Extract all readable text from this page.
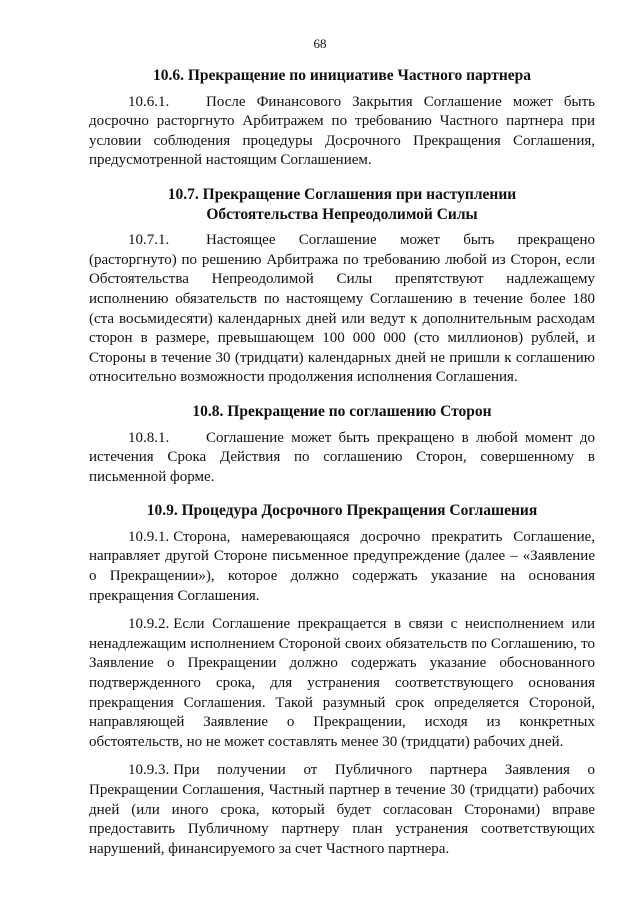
68
10.6. Прекращение по инициативе Частного партнера

10.6.1. После Финансового Закрытия Соглашение может быть досрочно расторгнуто Арбитражем по требованию Частного партнера при условии соблюдения процедуры Досрочного Прекращения Соглашения, предусмотренной настоящим Соглашением.

10.7. Прекращение Соглашения при наступлении Обстоятельства Непреодолимой Силы

10.7.1. Настоящее Соглашение может быть прекращено (расторгнуто) по решению Арбитража по требованию любой из Сторон, если Обстоятельства Непреодолимой Силы препятствуют надлежащему исполнению обязательств по настоящему Соглашению в течение более 180 (ста восьмидесяти) календарных дней или ведут к дополнительным расходам сторон в размере, превышающем 100 000 000 (сто миллионов) рублей, и Стороны в течение 30 (тридцати) календарных дней не пришли к соглашению относительно возможности продолжения исполнения Соглашения.

10.8. Прекращение по соглашению Сторон

10.8.1. Соглашение может быть прекращено в любой момент до истечения Срока Действия по соглашению Сторон, совершенному в письменной форме.

10.9. Процедура Досрочного Прекращения Соглашения

10.9.1. Сторона, намеревающаяся досрочно прекратить Соглашение, направляет другой Стороне письменное предупреждение (далее – «Заявление о Прекращении»), которое должно содержать указание на основания прекращения Соглашения.

10.9.2. Если Соглашение прекращается в связи с неисполнением или ненадлежащим исполнением Стороной своих обязательств по Соглашению, то Заявление о Прекращении должно содержать указание обоснованного подтвержденного срока, для устранения соответствующего основания прекращения Соглашения. Такой разумный срок определяется Стороной, направляющей Заявление о Прекращении, исходя из конкретных обстоятельств, но не может составлять менее 30 (тридцати) рабочих дней.

10.9.3. При получении от Публичного партнера Заявления о Прекращении Соглашения, Частный партнер в течение 30 (тридцати) рабочих дней (или иного срока, который будет согласован Сторонами) вправе предоставить Публичному партнеру план устранения соответствующих нарушений, финансируемого за счет Частного партнера.
